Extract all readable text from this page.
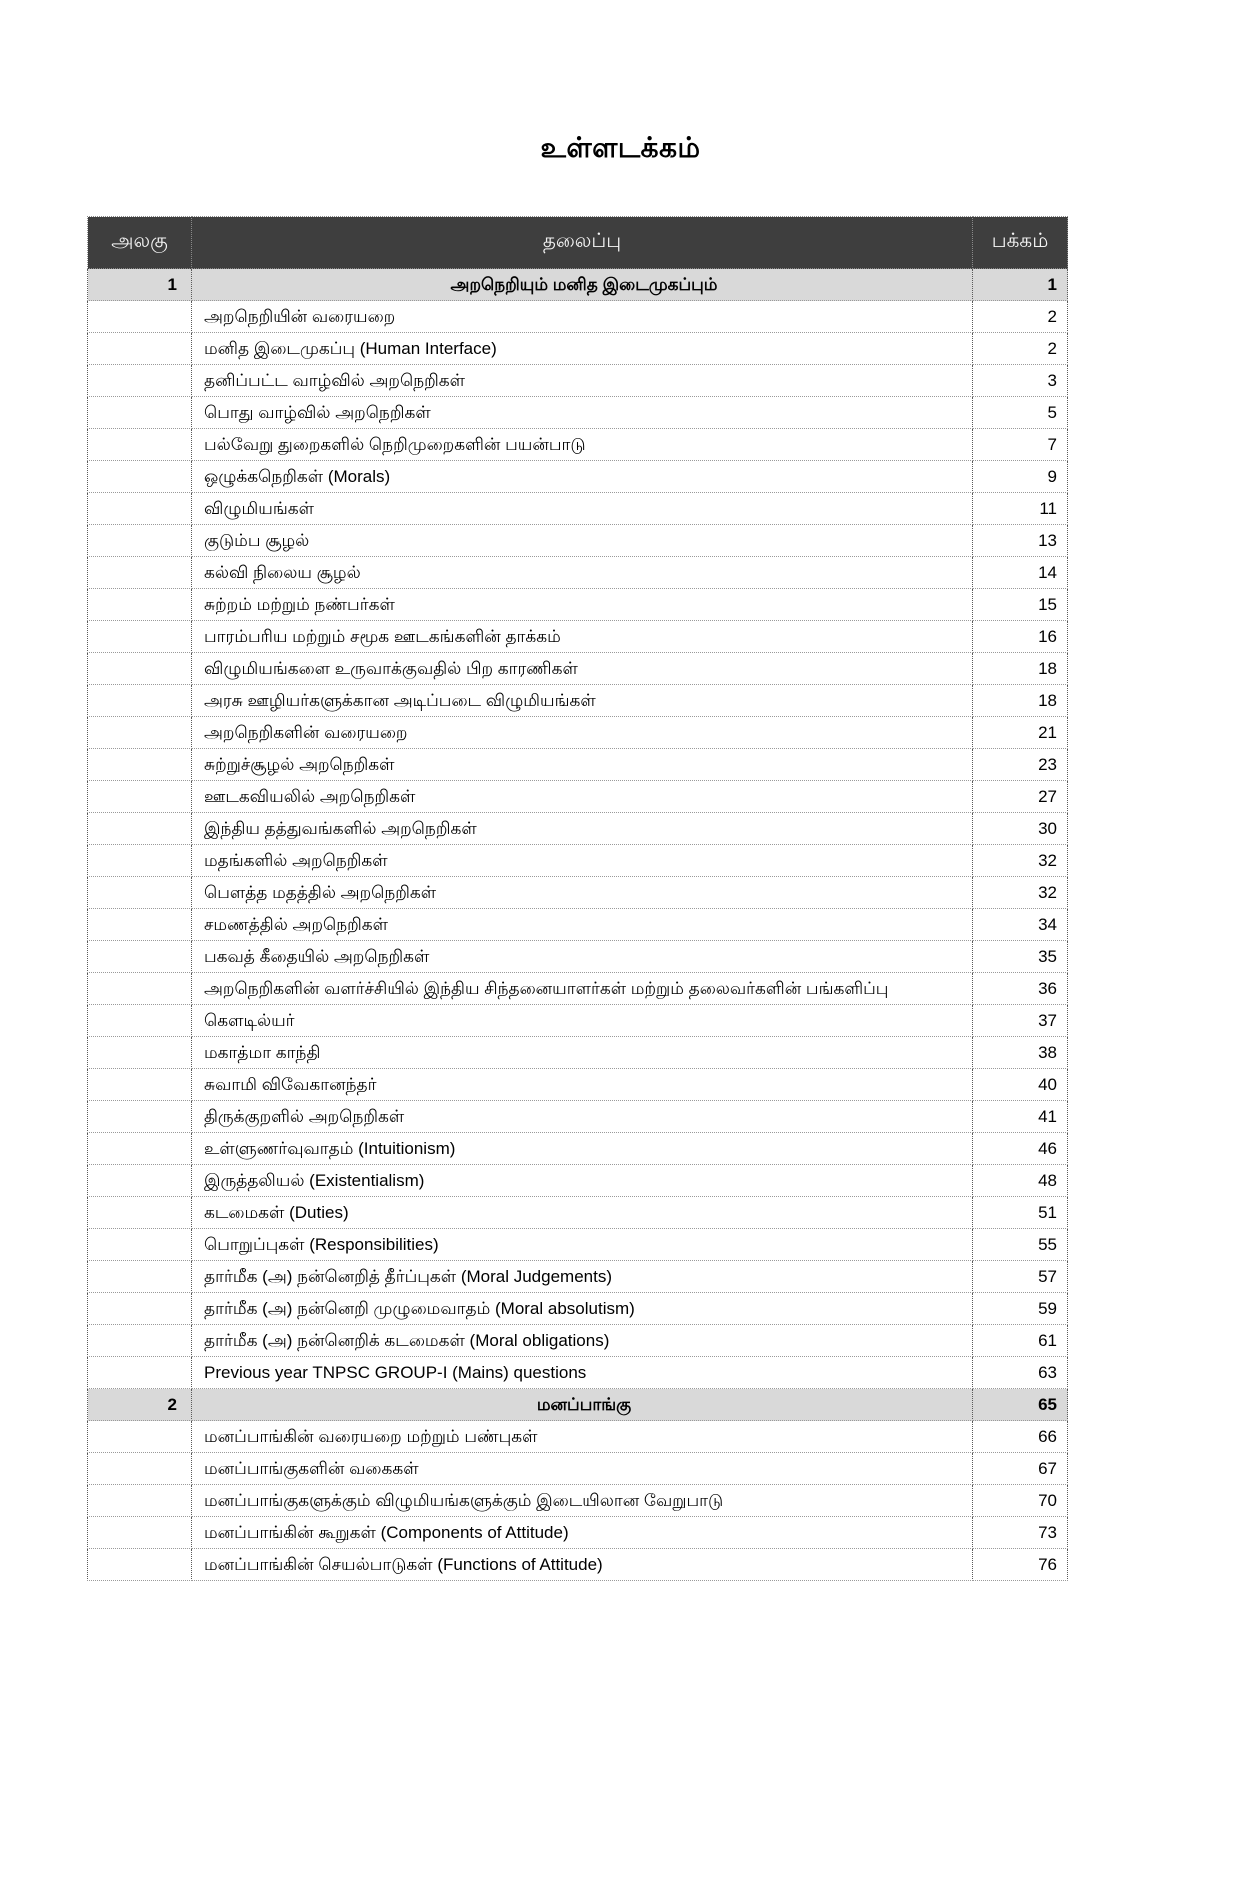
உள்ளடக்கம்
அலகு	தலைப்பு	பக்கம்
1	அறநெறியும் மனித இடைமுகப்பும்	1
	அறநெறியின் வரையறை	2
	மனித இடைமுகப்பு (Human Interface)	2
	தனிப்பட்ட வாழ்வில் அறநெறிகள்	3
	பொது வாழ்வில் அறநெறிகள்	5
	பல்வேறு துறைகளில் நெறிமுறைகளின் பயன்பாடு	7
	ஒழுக்கநெறிகள் (Morals)	9
	விழுமியங்கள்	11
	குடும்ப சூழல்	13
	கல்வி நிலைய சூழல்	14
	சுற்றம் மற்றும் நண்பர்கள்	15
	பாரம்பரிய மற்றும் சமூக ஊடகங்களின் தாக்கம்	16
	விழுமியங்களை உருவாக்குவதில் பிற காரணிகள்	18
	அரசு ஊழியர்களுக்கான அடிப்படை விழுமியங்கள்	18
	அறநெறிகளின் வரையறை	21
	சுற்றுச்சூழல் அறநெறிகள்	23
	ஊடகவியலில் அறநெறிகள்	27
	இந்திய தத்துவங்களில் அறநெறிகள்	30
	மதங்களில் அறநெறிகள்	32
	பௌத்த மதத்தில் அறநெறிகள்	32
	சமணத்தில் அறநெறிகள்	34
	பகவத் கீதையில் அறநெறிகள்	35
	அறநெறிகளின் வளர்ச்சியில் இந்திய சிந்தனையாளர்கள் மற்றும் தலைவர்களின் பங்களிப்பு	36
	கௌடில்யர்	37
	மகாத்மா காந்தி	38
	சுவாமி விவேகானந்தர்	40
	திருக்குறளில் அறநெறிகள்	41
	உள்ளுணர்வுவாதம் (Intuitionism)	46
	இருத்தலியல் (Existentialism)	48
	கடமைகள் (Duties)	51
	பொறுப்புகள் (Responsibilities)	55
	தார்மீக (அ) நன்னெறித் தீர்ப்புகள் (Moral Judgements)	57
	தார்மீக (அ) நன்னெறி முழுமைவாதம் (Moral absolutism)	59
	தார்மீக (அ) நன்னெறிக் கடமைகள் (Moral obligations)	61
	Previous year TNPSC GROUP-I (Mains) questions	63
2	மனப்பாங்கு	65
	மனப்பாங்கின் வரையறை மற்றும் பண்புகள்	66
	மனப்பாங்குகளின் வகைகள்	67
	மனப்பாங்குகளுக்கும் விழுமியங்களுக்கும் இடையிலான வேறுபாடு	70
	மனப்பாங்கின் கூறுகள் (Components of Attitude)	73
	மனப்பாங்கின் செயல்பாடுகள் (Functions of Attitude)	76
